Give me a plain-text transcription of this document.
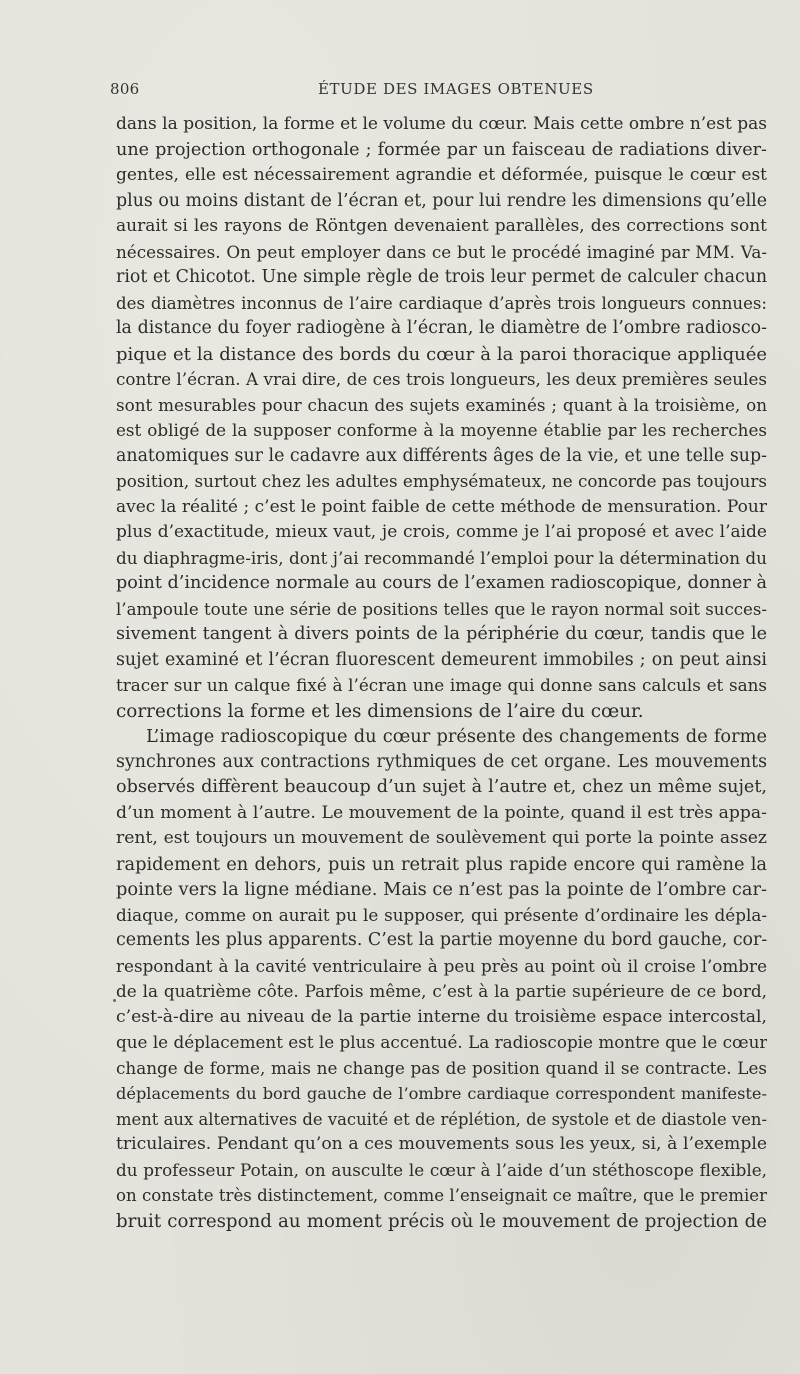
806	ÉTUDE DES IMAGES OBTENUES
dans la position, la forme et le volume du cœur. Mais cette ombre n’est pas
une projection orthogonale ; formée par un faisceau de radiations diver-
gentes, elle est nécessairement agrandie et déformée, puisque le cœur est
plus ou moins distant de l’écran et, pour lui rendre les dimensions qu’elle
aurait si les rayons de Röntgen devenaient parallèles, des corrections sont
nécessaires. On peut employer dans ce but le procédé imaginé par MM. Va-
riot et Chicotot. Une simple règle de trois leur permet de calculer chacun
des diamètres inconnus de l’aire cardiaque d’après trois longueurs connues:
la distance du foyer radiogène à l’écran, le diamètre de l’ombre radiosco-
pique et la distance des bords du cœur à la paroi thoracique appliquée
contre l’écran. A vrai dire, de ces trois longueurs, les deux premières seules
sont mesurables pour chacun des sujets examinés ; quant à la troisième, on
est obligé de la supposer conforme à la moyenne établie par les recherches
anatomiques sur le cadavre aux différents âges de la vie, et une telle sup-
position, surtout chez les adultes emphysémateux, ne concorde pas toujours
avec la réalité ; c’est le point faible de cette méthode de mensuration. Pour
plus d’exactitude, mieux vaut, je crois, comme je l’ai proposé et avec l’aide
du diaphragme-iris, dont j’ai recommandé l’emploi pour la détermination du
point d’incidence normale au cours de l’examen radioscopique, donner à
l’ampoule toute une série de positions telles que le rayon normal soit succes-
sivement tangent à divers points de la périphérie du cœur, tandis que le
sujet examiné et l’écran fluorescent demeurent immobiles ; on peut ainsi
tracer sur un calque fixé à l’écran une image qui donne sans calculs et sans
corrections la forme et les dimensions de l’aire du cœur.
L’image radioscopique du cœur présente des changements de forme
synchrones aux contractions rythmiques de cet organe. Les mouvements
observés diffèrent beaucoup d’un sujet à l’autre et, chez un même sujet,
d’un moment à l’autre. Le mouvement de la pointe, quand il est très appa-
rent, est toujours un mouvement de soulèvement qui porte la pointe assez
rapidement en dehors, puis un retrait plus rapide encore qui ramène la
pointe vers la ligne médiane. Mais ce n’est pas la pointe de l’ombre car-
diaque, comme on aurait pu le supposer, qui présente d’ordinaire les dépla-
cements les plus apparents. C’est la partie moyenne du bord gauche, cor-
respondant à la cavité ventriculaire à peu près au point où il croise l’ombre
de la quatrième côte. Parfois même, c’est à la partie supérieure de ce bord,
c’est-à-dire au niveau de la partie interne du troisième espace intercostal,
que le déplacement est le plus accentué. La radioscopie montre que le cœur
change de forme, mais ne change pas de position quand il se contracte. Les
déplacements du bord gauche de l’ombre cardiaque correspondent manifeste-
ment aux alternatives de vacuité et de réplétion, de systole et de diastole ven-
triculaires. Pendant qu’on a ces mouvements sous les yeux, si, à l’exemple
du professeur Potain, on ausculte le cœur à l’aide d’un stéthoscope flexible,
on constate très distinctement, comme l’enseignait ce maître, que le premier
bruit correspond au moment précis où le mouvement de projection de
